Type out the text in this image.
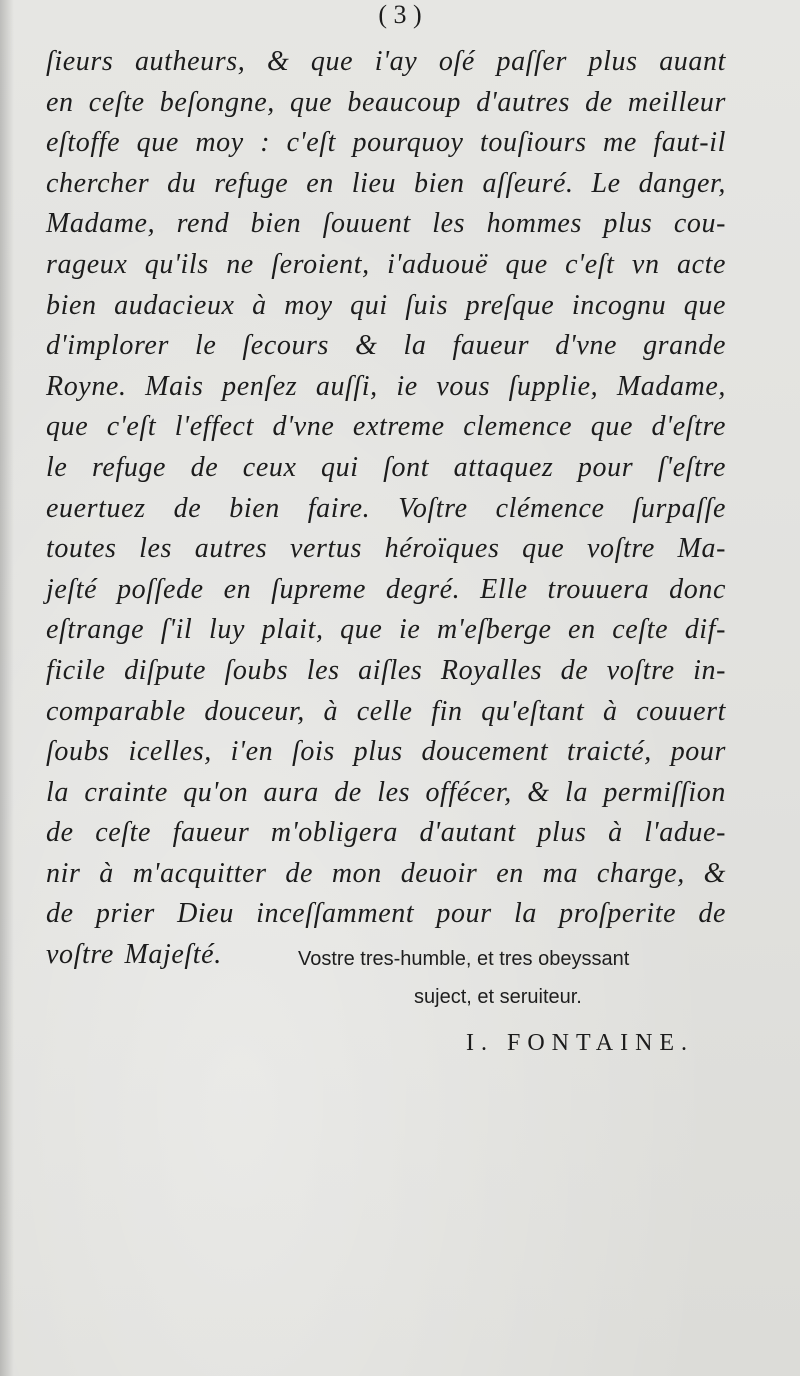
( 3 )
ſieurs autheurs, & que i'ay oſé paſſer plus auant
en ceſte beſongne, que beaucoup d'autres de meilleur
eſtoffe que moy : c'eſt pourquoy touſiours me faut-il
chercher du refuge en lieu bien aſſeuré. Le danger,
Madame, rend bien ſouuent les hommes plus cou-
rageux qu'ils ne ſeroient, i'aduouë que c'eſt vn acte
bien audacieux à moy qui ſuis preſque incognu que
d'implorer le ſecours & la faueur d'vne grande
Royne. Mais penſez auſſi, ie vous ſupplie, Madame,
que c'eſt l'effect d'vne extreme clemence que d'eſtre
le refuge de ceux qui ſont attaquez pour ſ'eſtre
euertuez de bien faire. Voſtre clémence ſurpaſſe
toutes les autres vertus héroïques que voſtre Ma-
jeſté poſſede en ſupreme degré. Elle trouuera donc
eſtrange ſ'il luy plait, que ie m'eſberge en ceſte dif-
ficile diſpute ſoubs les aiſles Royalles de voſtre in-
comparable douceur, à celle fin qu'eſtant à couuert
ſoubs icelles, i'en ſois plus doucement traicté, pour
la crainte qu'on aura de les offécer, & la permiſſion
de ceſte faueur m'obligera d'autant plus à l'adue-
nir à m'acquitter de mon deuoir en ma charge, &
de prier Dieu inceſſamment pour la proſperite de
voſtre Majeſté.	Vostre tres-humble, et tres obeyssant
suject, et seruiteur.
I. FONTAINE.
